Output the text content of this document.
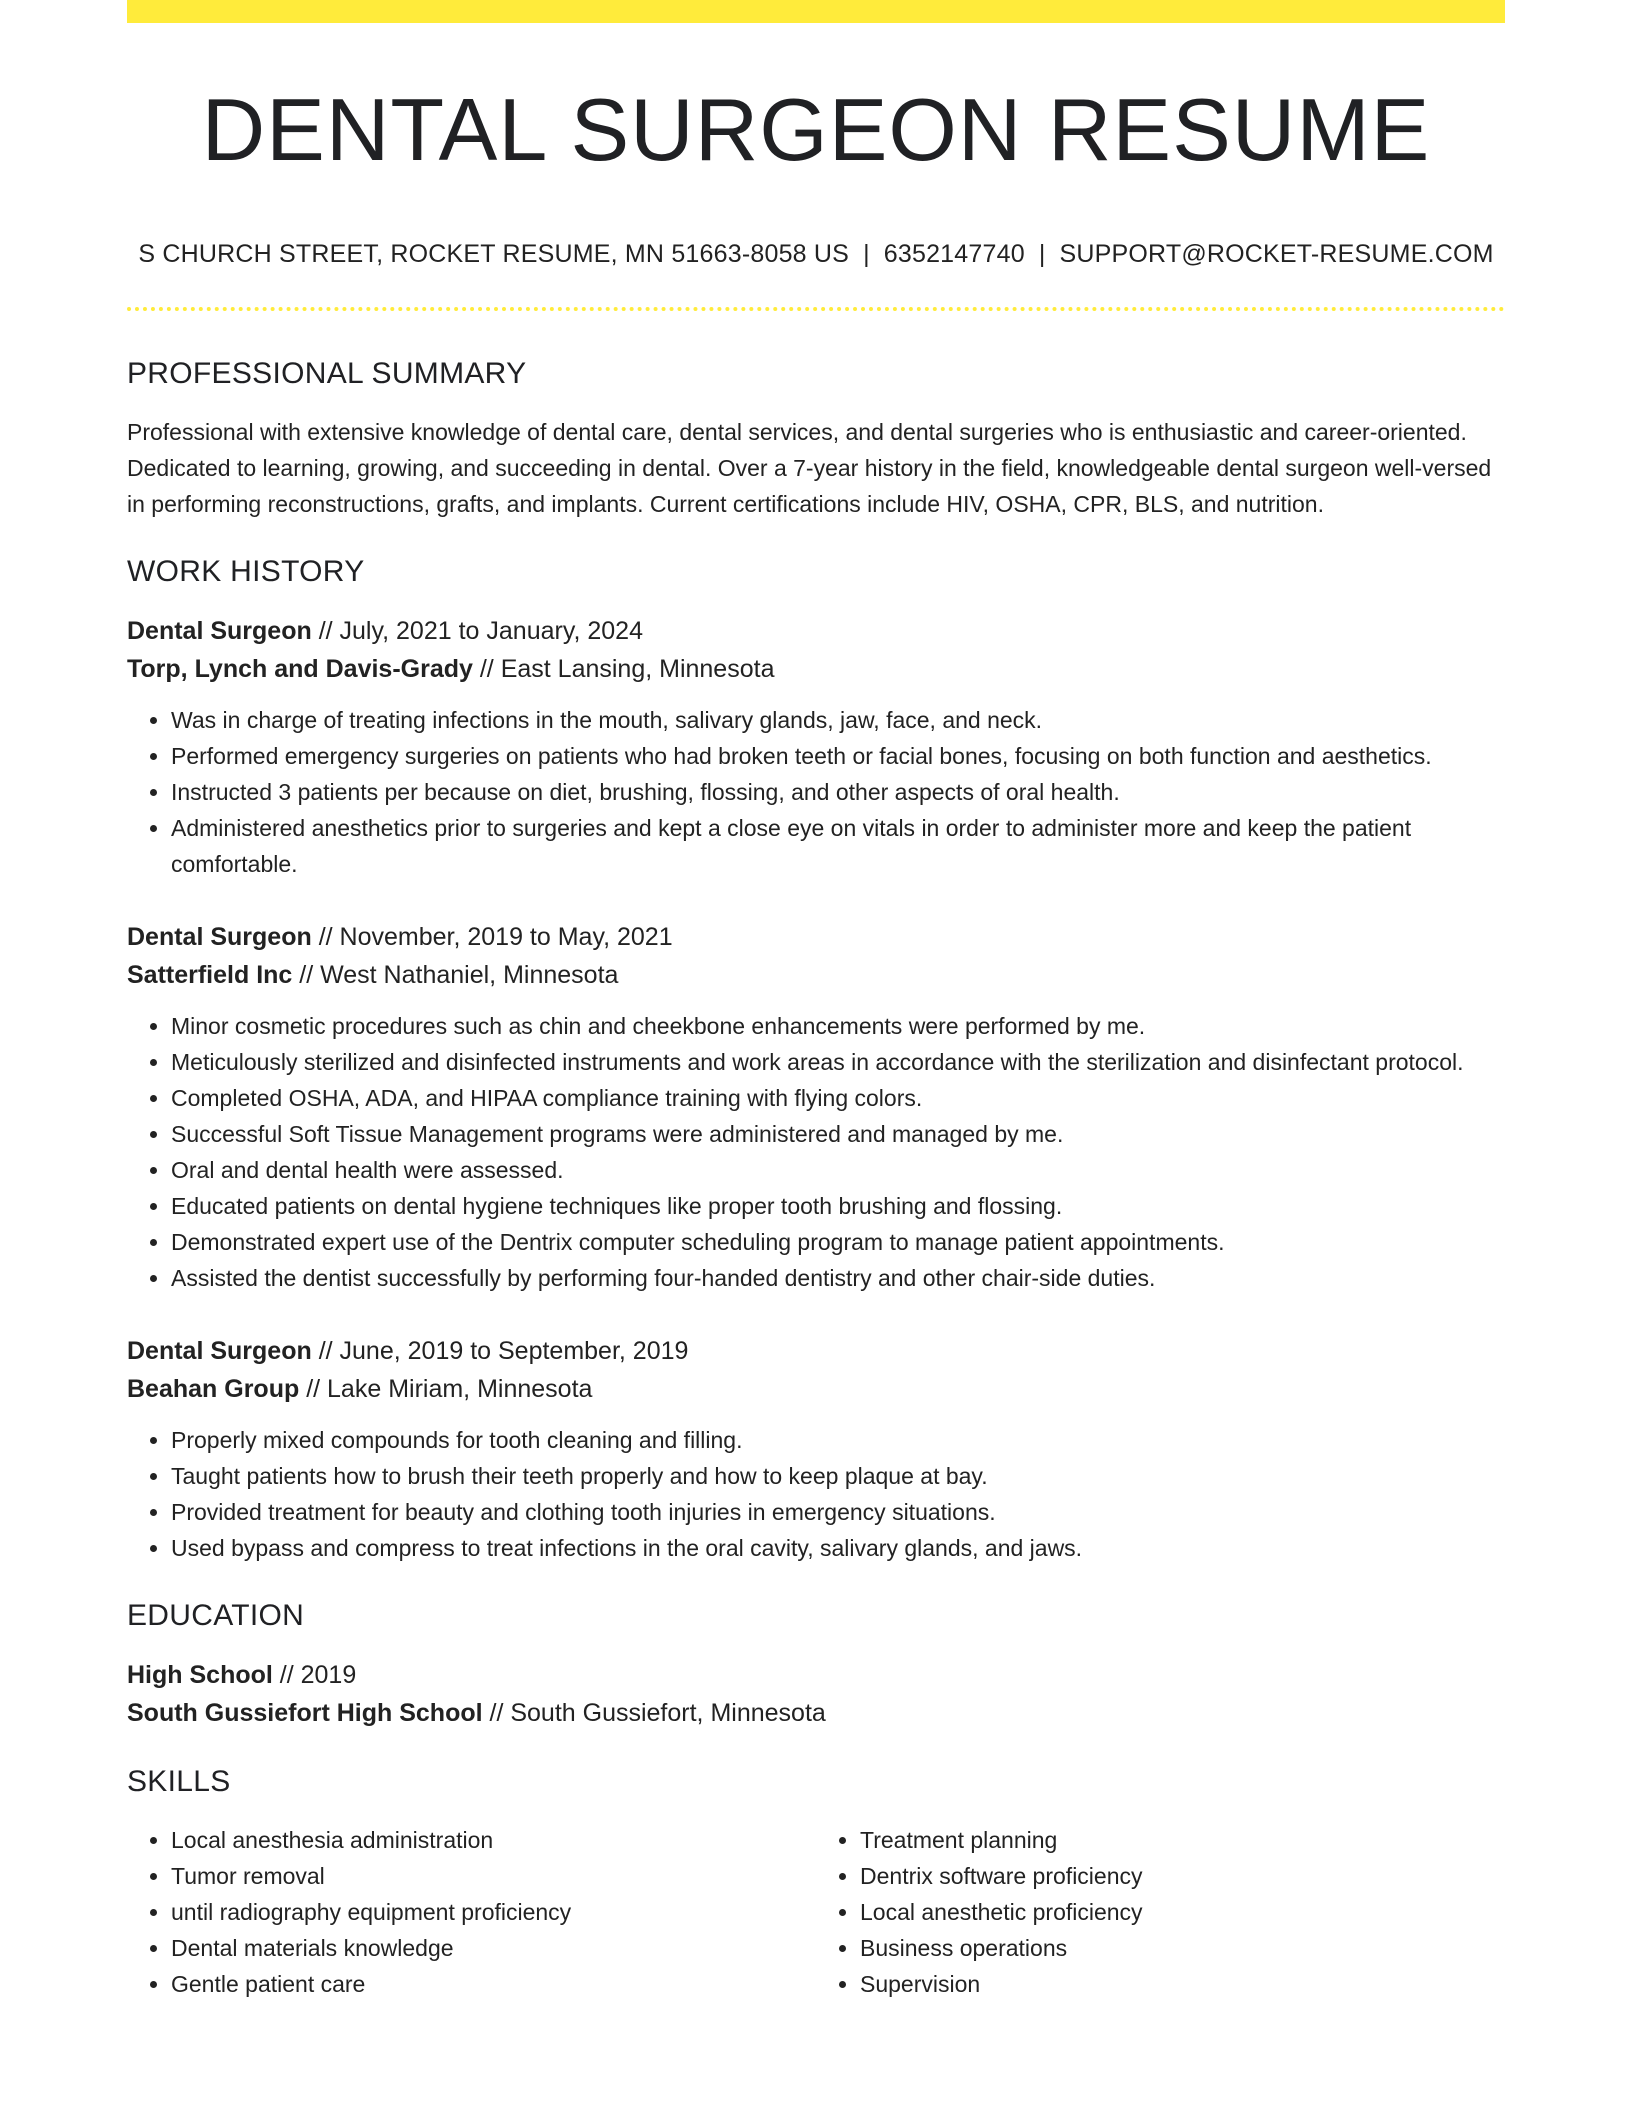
DENTAL SURGEON RESUME
S CHURCH STREET, ROCKET RESUME, MN 51663-8058 US | 6352147740 | SUPPORT@ROCKET-RESUME.COM
PROFESSIONAL SUMMARY

Professional with extensive knowledge of dental care, dental services, and dental surgeries who is enthusiastic and career-oriented. Dedicated to learning, growing, and succeeding in dental. Over a 7-year history in the field, knowledgeable dental surgeon well-versed in performing reconstructions, grafts, and implants. Current certifications include HIV, OSHA, CPR, BLS, and nutrition.

WORK HISTORY
Dental Surgeon // July, 2021 to January, 2024
Torp, Lynch and Davis-Grady // East Lansing, Minnesota
• Was in charge of treating infections in the mouth, salivary glands, jaw, face, and neck.
• Performed emergency surgeries on patients who had broken teeth or facial bones, focusing on both function and aesthetics.
• Instructed 3 patients per because on diet, brushing, flossing, and other aspects of oral health.
• Administered anesthetics prior to surgeries and kept a close eye on vitals in order to administer more and keep the patient comfortable.
Dental Surgeon // November, 2019 to May, 2021
Satterfield Inc // West Nathaniel, Minnesota
• Minor cosmetic procedures such as chin and cheekbone enhancements were performed by me.
• Meticulously sterilized and disinfected instruments and work areas in accordance with the sterilization and disinfectant protocol.
• Completed OSHA, ADA, and HIPAA compliance training with flying colors.
• Successful Soft Tissue Management programs were administered and managed by me.
• Oral and dental health were assessed.
• Educated patients on dental hygiene techniques like proper tooth brushing and flossing.
• Demonstrated expert use of the Dentrix computer scheduling program to manage patient appointments.
• Assisted the dentist successfully by performing four-handed dentistry and other chair-side duties.
Dental Surgeon // June, 2019 to September, 2019
Beahan Group // Lake Miriam, Minnesota
• Properly mixed compounds for tooth cleaning and filling.
• Taught patients how to brush their teeth properly and how to keep plaque at bay.
• Provided treatment for beauty and clothing tooth injuries in emergency situations.
• Used bypass and compress to treat infections in the oral cavity, salivary glands, and jaws.
EDUCATION
High School // 2019
South Gussiefort High School // South Gussiefort, Minnesota
SKILLS
• Local anesthesia administration
• Tumor removal
• until radiography equipment proficiency
• Dental materials knowledge
• Gentle patient care
• Treatment planning
• Dentrix software proficiency
• Local anesthetic proficiency
• Business operations
• Supervision
